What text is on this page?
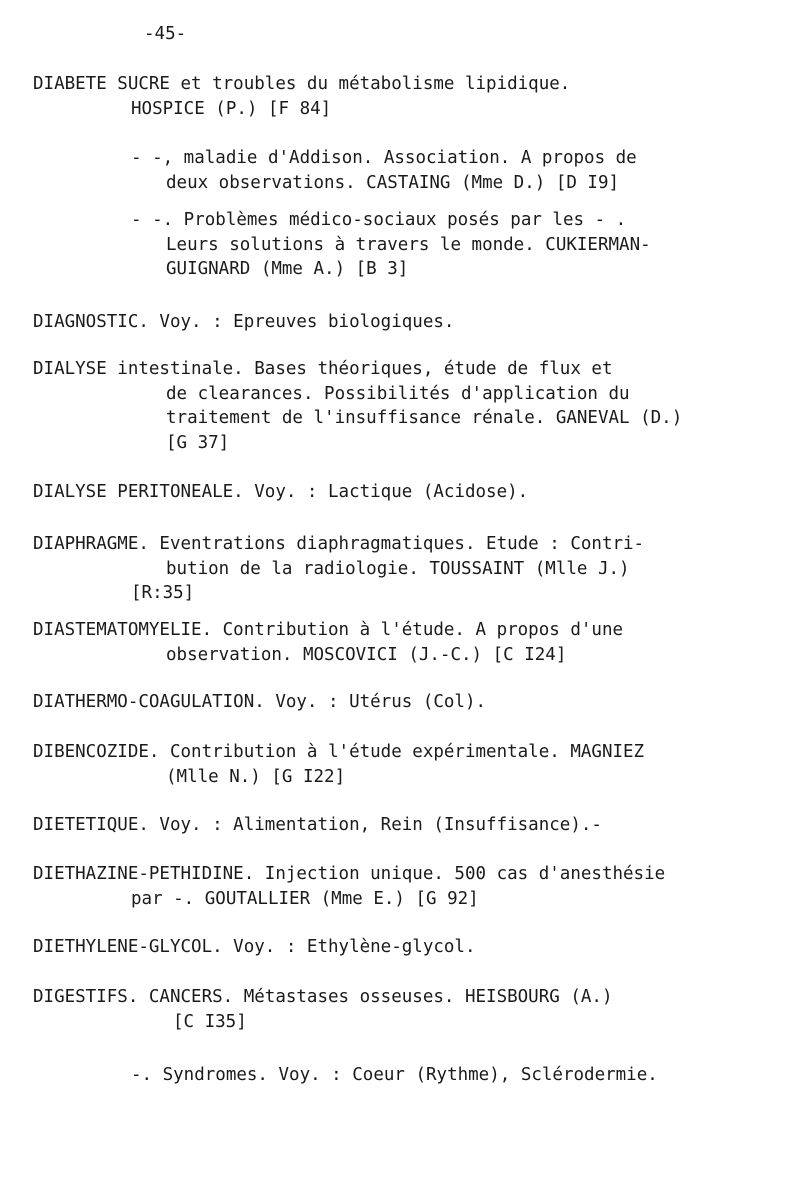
-45-
DIABETE SUCRE et troubles du métabolisme lipidique.
HOSPICE (P.) [F 84]
- -, maladie d'Addison. Association. A propos de
deux observations. CASTAING (Mme D.) [D I9]
- -. Problèmes médico-sociaux posés par les - .
Leurs solutions à travers le monde. CUKIERMAN-
GUIGNARD (Mme A.) [B 3]
DIAGNOSTIC. Voy. : Epreuves biologiques.
DIALYSE intestinale. Bases théoriques, étude de flux et
de clearances. Possibilités d'application du
traitement de l'insuffisance rénale. GANEVAL (D.)
[G 37]
DIALYSE PERITONEALE. Voy. : Lactique (Acidose).
DIAPHRAGME. Eventrations diaphragmatiques. Etude : Contri-
bution de la radiologie. TOUSSAINT (Mlle J.)
[R:35]
DIASTEMATOMYELIE. Contribution à l'étude. A propos d'une
observation. MOSCOVICI (J.-C.) [C I24]
DIATHERMO-COAGULATION. Voy. : Utérus (Col).
DIBENCOZIDE. Contribution à l'étude expérimentale. MAGNIEZ
(Mlle N.) [G I22]
DIETETIQUE. Voy. : Alimentation, Rein (Insuffisance).-
DIETHAZINE-PETHIDINE. Injection unique. 500 cas d'anesthésie
par -. GOUTALLIER (Mme E.) [G 92]
DIETHYLENE-GLYCOL. Voy. : Ethylène-glycol.
DIGESTIFS. CANCERS. Métastases osseuses. HEISBOURG (A.)
[C I35]
-. Syndromes. Voy. : Coeur (Rythme), Sclérodermie.
